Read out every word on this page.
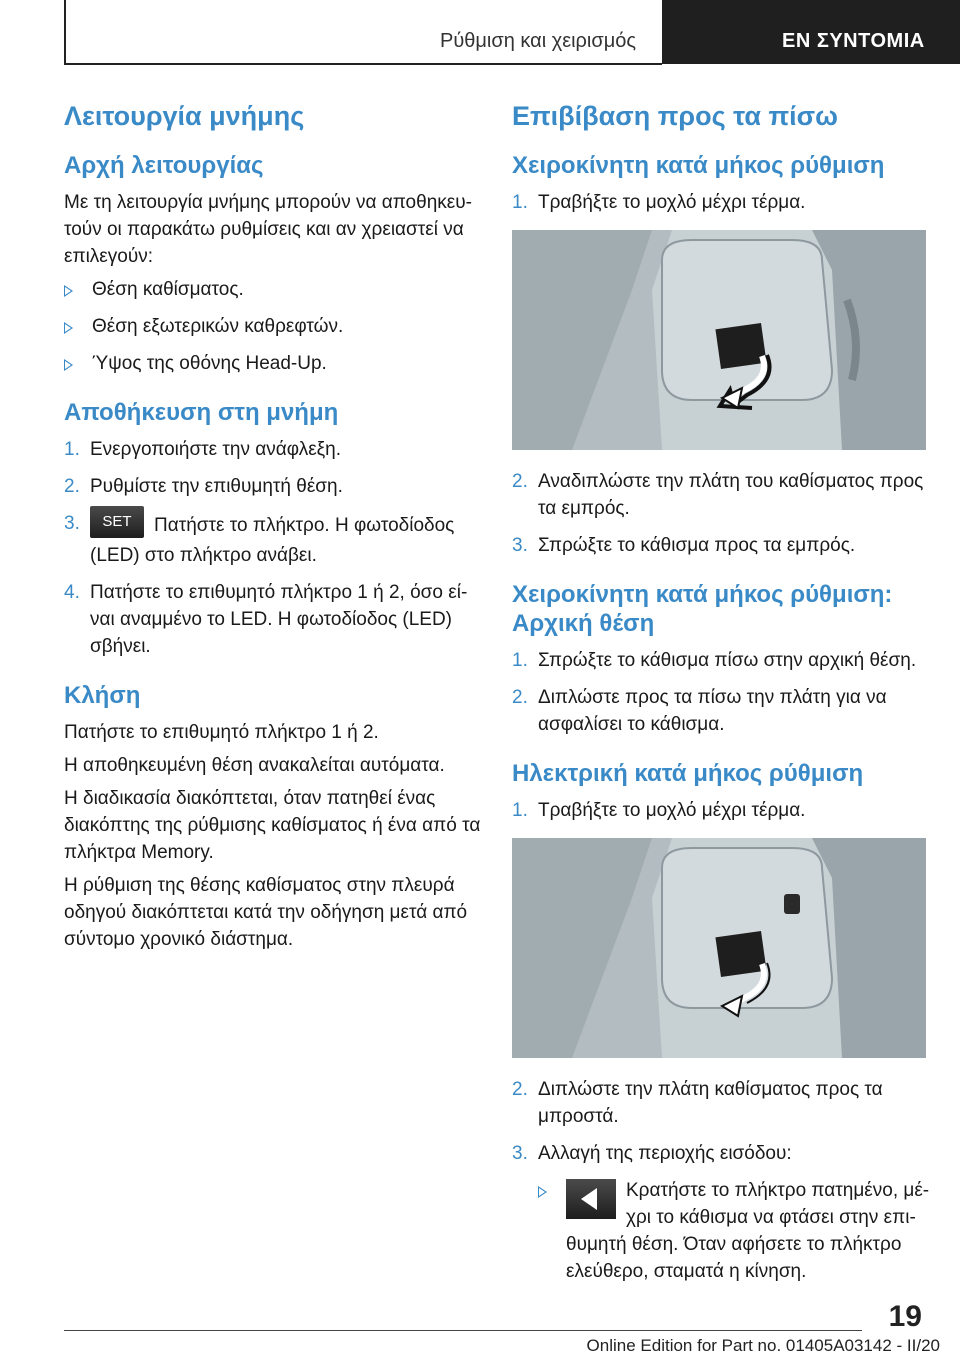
Ρύθμιση και χειρισμός	ΕΝ ΣΥΝΤΟΜΙΑ
Λειτουργία μνήμης
Αρχή λειτουργίας

Με τη λειτουργία μνήμης μπορούν να αποθηκευτούν οι παρακάτω ρυθμίσεις και αν χρειαστεί να επιλεγούν:

Θέση καθίσματος.
Θέση εξωτερικών καθρεφτών.
Ύψος της οθόνης Head-Up.
Αποθήκευση στη μνήμη
1. Ενεργοποιήστε την ανάφλεξη.
2. Ρυθμίστε την επιθυμητή θέση.
3. SET Πατήστε το πλήκτρο. Η φωτοδίοδος (LED) στο πλήκτρο ανάβει.
4. Πατήστε το επιθυμητό πλήκτρο 1 ή 2, όσο είναι αναμμένο το LED. Η φωτοδίοδος (LED) σβήνει.
Κλήση

Πατήστε το επιθυμητό πλήκτρο 1 ή 2.

Η αποθηκευμένη θέση ανακαλείται αυτόματα.

Η διαδικασία διακόπτεται, όταν πατηθεί ένας διακόπτης της ρύθμισης καθίσματος ή ένα από τα πλήκτρα Memory.

Η ρύθμιση της θέσης καθίσματος στην πλευρά οδηγού διακόπτεται κατά την οδήγηση μετά από σύντομο χρονικό διάστημα.

Επιβίβαση προς τα πίσω
Χειροκίνητη κατά μήκος ρύθμιση
1. Τραβήξτε το μοχλό μέχρι τέρμα.
2. Αναδιπλώστε την πλάτη του καθίσματος προς τα εμπρός.
3. Σπρώξτε το κάθισμα προς τα εμπρός.
Χειροκίνητη κατά μήκος ρύθμιση: Αρχική θέση
1. Σπρώξτε το κάθισμα πίσω στην αρχική θέση.
2. Διπλώστε προς τα πίσω την πλάτη για να ασφαλίσει το κάθισμα.
Ηλεκτρική κατά μήκος ρύθμιση
1. Τραβήξτε το μοχλό μέχρι τέρμα.
2. Διπλώστε την πλάτη καθίσματος προς τα μπροστά.
3. Αλλαγή της περιοχής εισόδου:
Κρατήστε το πλήκτρο πατημένο, μέχρι το κάθισμα να φτάσει στην επιθυμητή θέση. Όταν αφήσετε το πλήκτρο ελεύθερο, σταματά η κίνηση.
19
Online Edition for Part no. 01405A03142 - II/20
